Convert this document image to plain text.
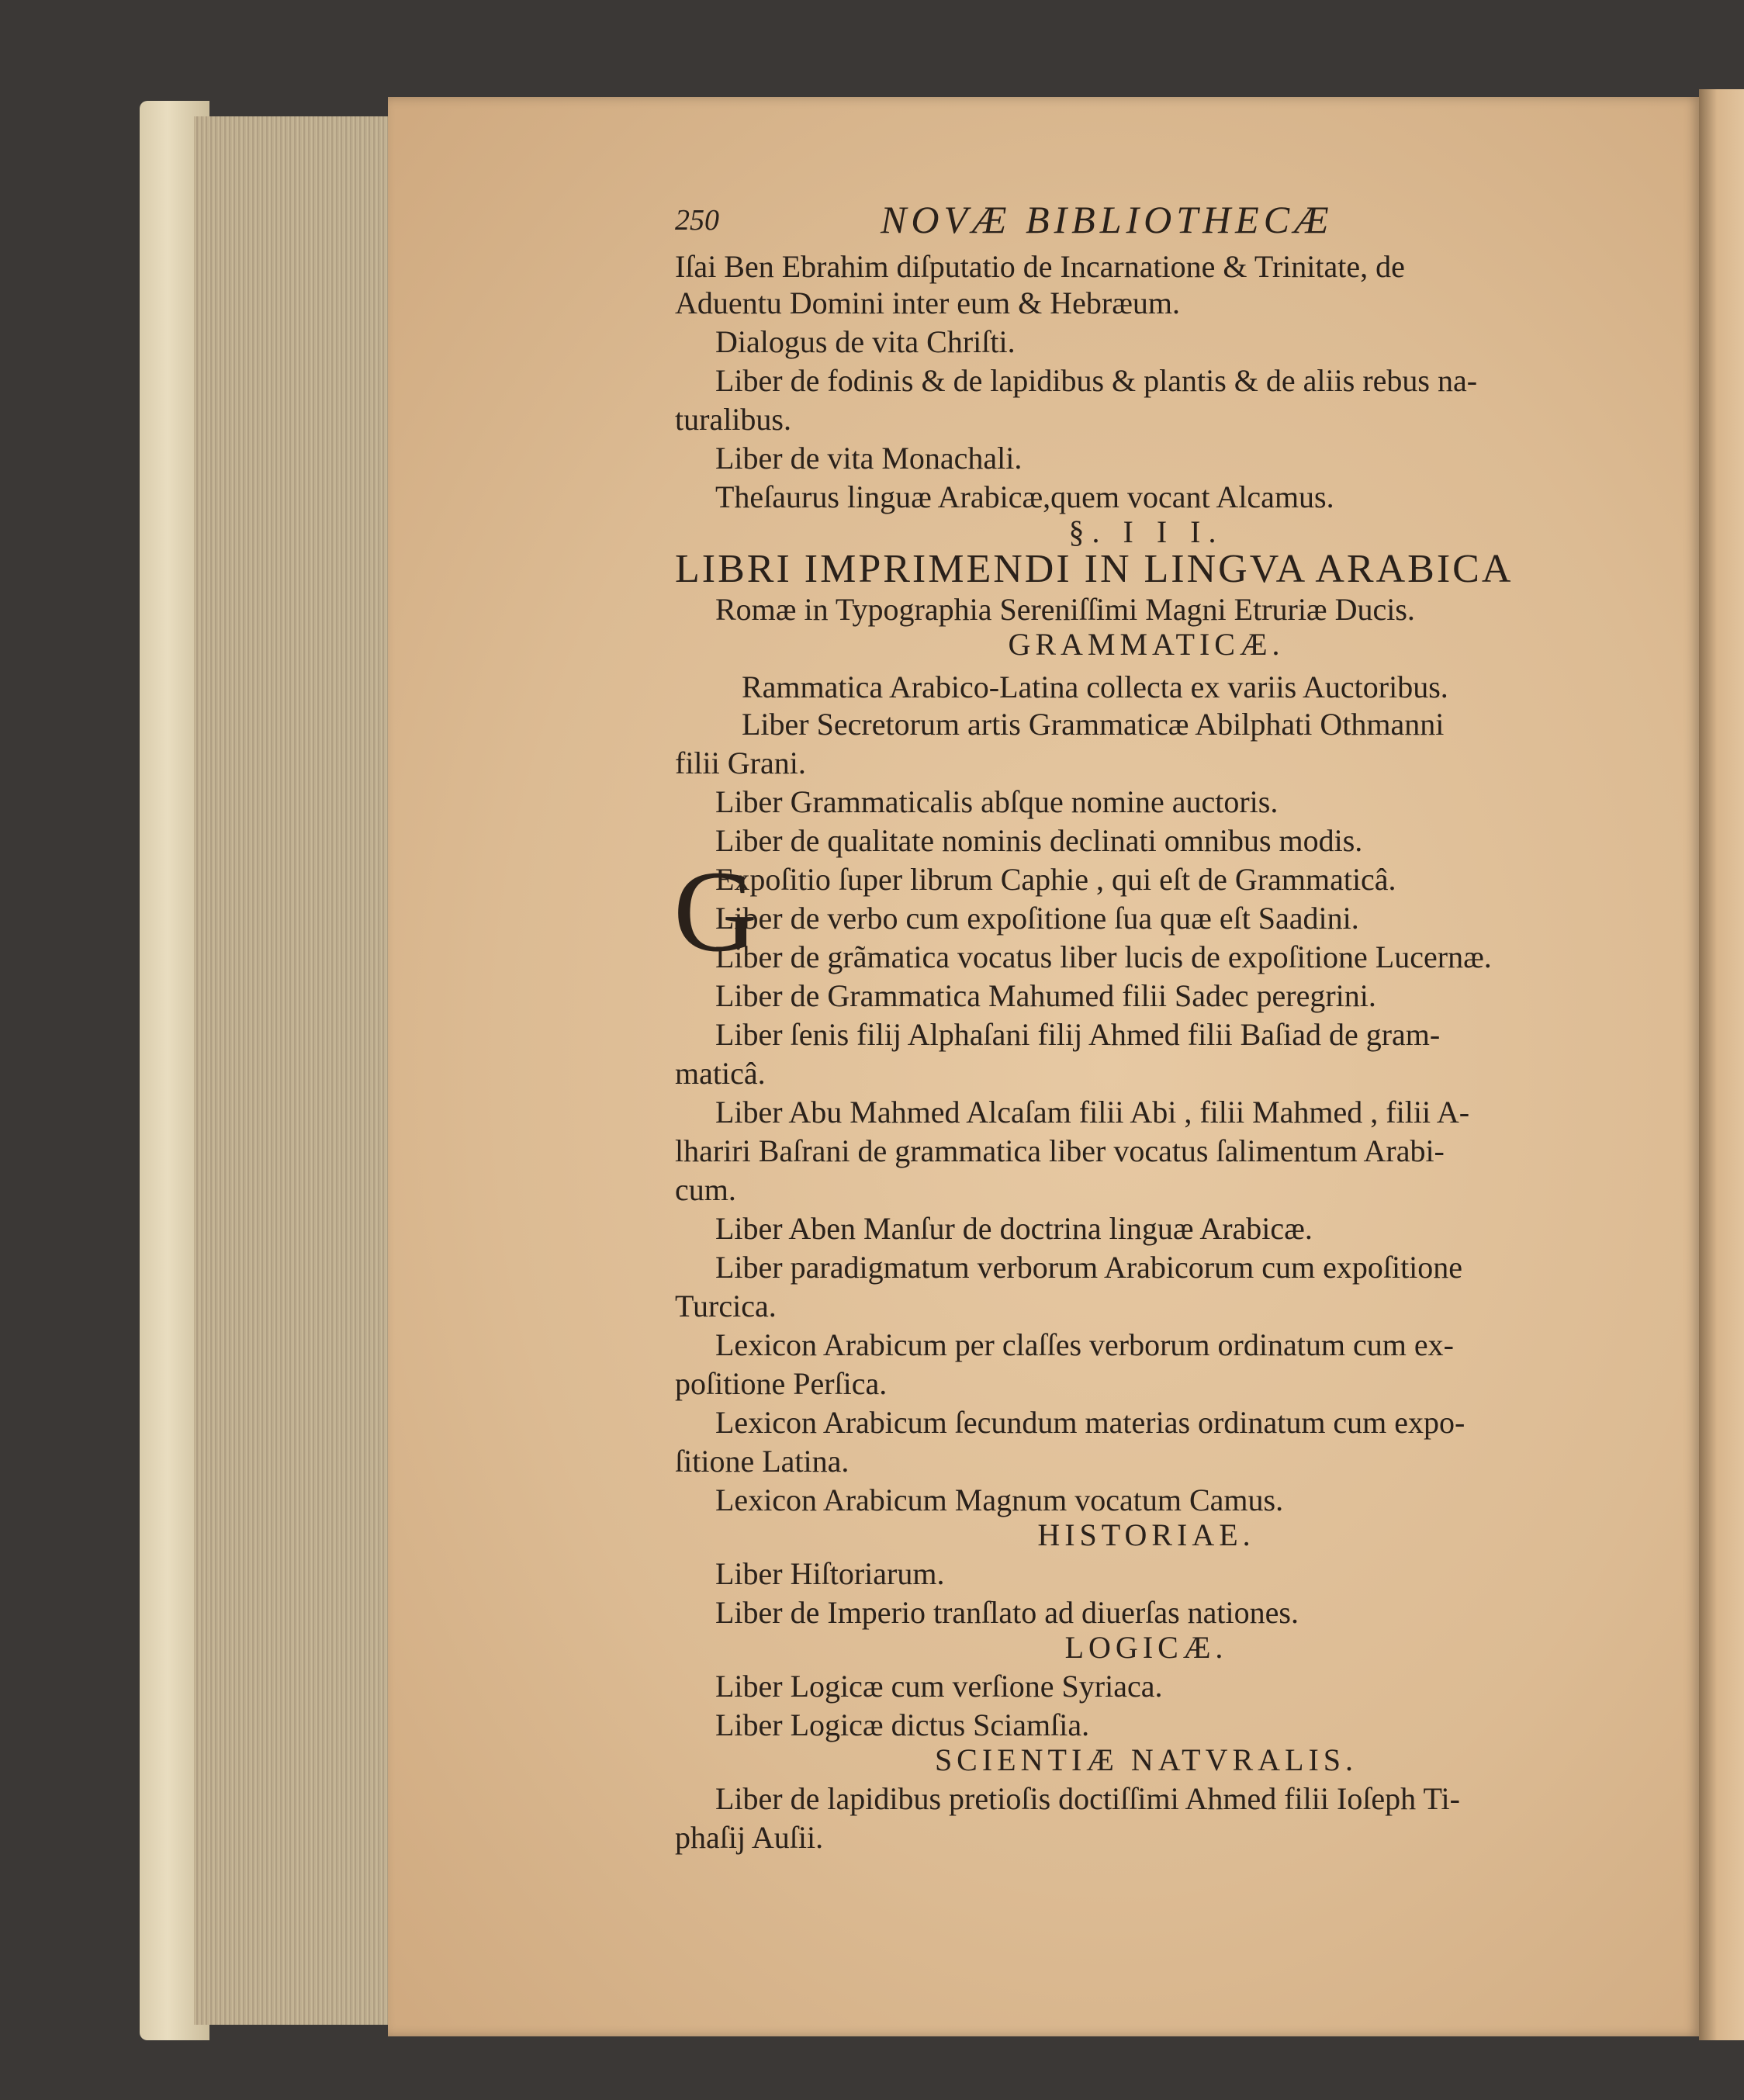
250	NOVÆ BIBLIOTHECÆ
Iſai Ben Ebrahim diſputatio de Incarnatione & Trinitate, de
Aduentu Domini inter eum & Hebræum.
Dialogus de vita Chriſti.
Liber de fodinis & de lapidibus & plantis & de aliis rebus na-
turalibus.
Liber de vita Monachali.
Theſaurus linguæ Arabicæ,quem vocant Alcamus.
§. I I I.
LIBRI IMPRIMENDI IN LINGVA ARABICA
Romæ in Typographia Sereniſſimi Magni Etruriæ Ducis.
GRAMMATICÆ.
G
Rammatica Arabico-Latina collecta ex variis Auctoribus.
Liber Secretorum artis Grammaticæ Abilphati Othmanni
filii Grani.
Liber Grammaticalis abſque nomine auctoris.
Liber de qualitate nominis declinati omnibus modis.
Expoſitio ſuper librum Caphie , qui eſt de Grammaticâ.
Liber de verbo cum expoſitione ſua quæ eſt Saadini.
Liber de grãmatica vocatus liber lucis de expoſitione Lucernæ.
Liber de Grammatica Mahumed filii Sadec peregrini.
Liber ſenis filij Alphaſani filij Ahmed filii Baſiad de gram-
maticâ.
Liber Abu Mahmed Alcaſam filii Abi , filii Mahmed , filii A-
lhariri Baſrani de grammatica liber vocatus ſalimentum Arabi-
cum.
Liber Aben Manſur de doctrina linguæ Arabicæ.
Liber paradigmatum verborum Arabicorum cum expoſitione
Turcica.
Lexicon Arabicum per claſſes verborum ordinatum cum ex-
poſitione Perſica.
Lexicon Arabicum ſecundum materias ordinatum cum expo-
ſitione Latina.
Lexicon Arabicum Magnum vocatum Camus.
HISTORIAE.
Liber Hiſtoriarum.
Liber de Imperio tranſlato ad diuerſas nationes.
LOGICÆ.
Liber Logicæ cum verſione Syriaca.
Liber Logicæ dictus Sciamſia.
SCIENTIÆ NATVRALIS.
Liber de lapidibus pretioſis doctiſſimi Ahmed filii Ioſeph Ti-
phaſij Auſii.
